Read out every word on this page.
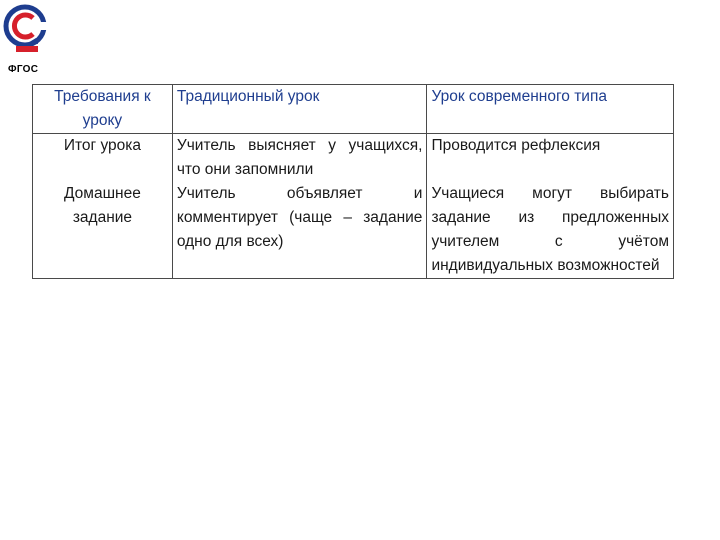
ФГОС
Требования к уроку	Традиционный урок	Урок современного типа
Итог урока	Учитель выясняет у учащихся, что они запомнили	Проводится рефлексия
Домашнее задание	Учитель объявляет и комментирует (чаще – задание одно для всех)	Учащиеся могут выбирать задание из предложенных учителем с учётом индивидуальных возможностей
